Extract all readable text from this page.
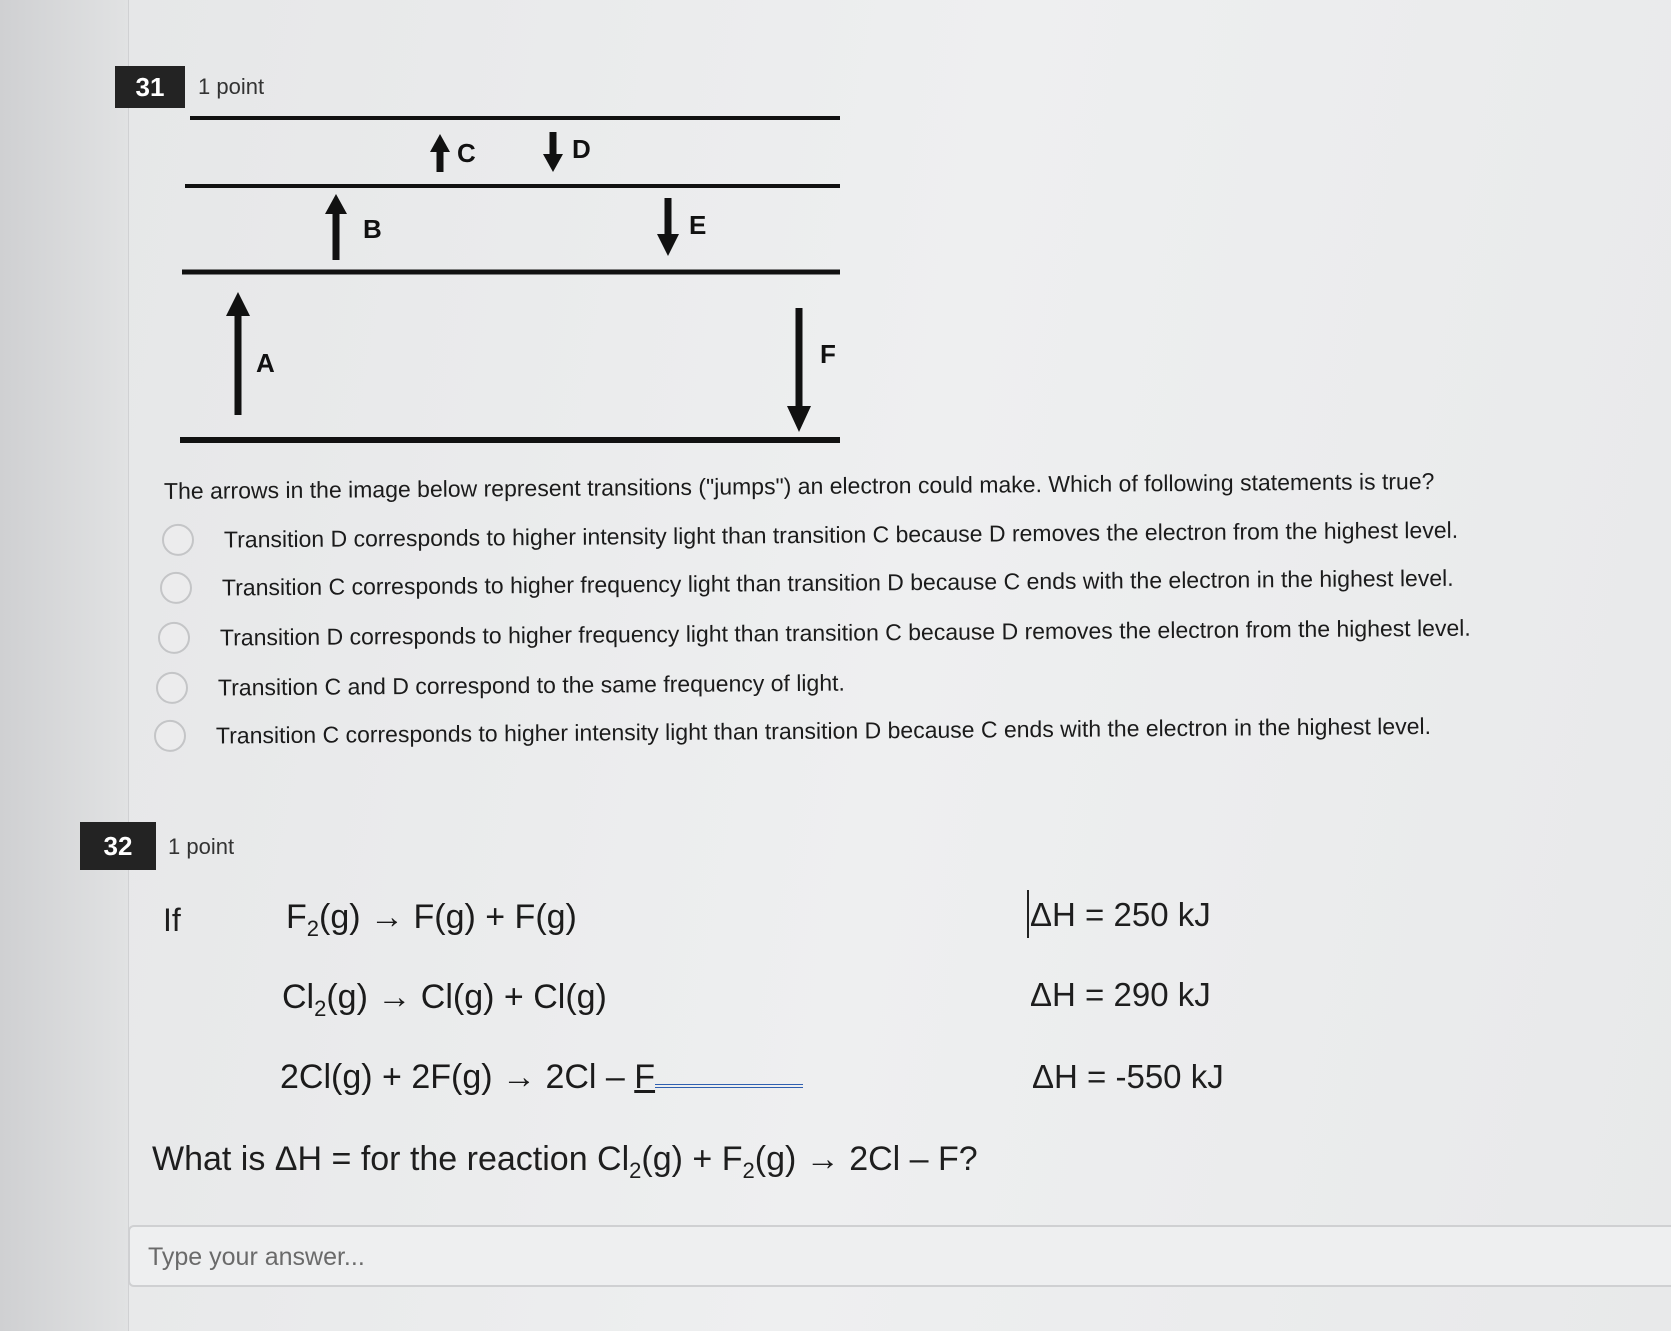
31	1 point
A
B
C	D
E
F
The arrows in the image below represent transitions ("jumps") an electron could make. Which of following statements is true?
Transition D corresponds to higher intensity light than transition C because D removes the electron from the highest level.
Transition C corresponds to higher frequency light than transition D because C ends with the electron in the highest level.
Transition D corresponds to higher frequency light than transition C because D removes the electron from the highest level.
Transition C and D correspond to the same frequency of light.
Transition C corresponds to higher intensity light than transition D because C ends with the electron in the highest level.
32	1 point
If	$F_2(g) \to F(g) + F(g)$	ΔH = 250 kJ
$Cl_2(g) \to Cl(g) + Cl(g)$	ΔH = 290 kJ
2Cl(g) + 2F(g) → 2Cl – F	ΔH = -550 kJ
What is ΔH = for the reaction $Cl_2(g) + F_2(g) \to 2Cl - F$?
Type your answer...
